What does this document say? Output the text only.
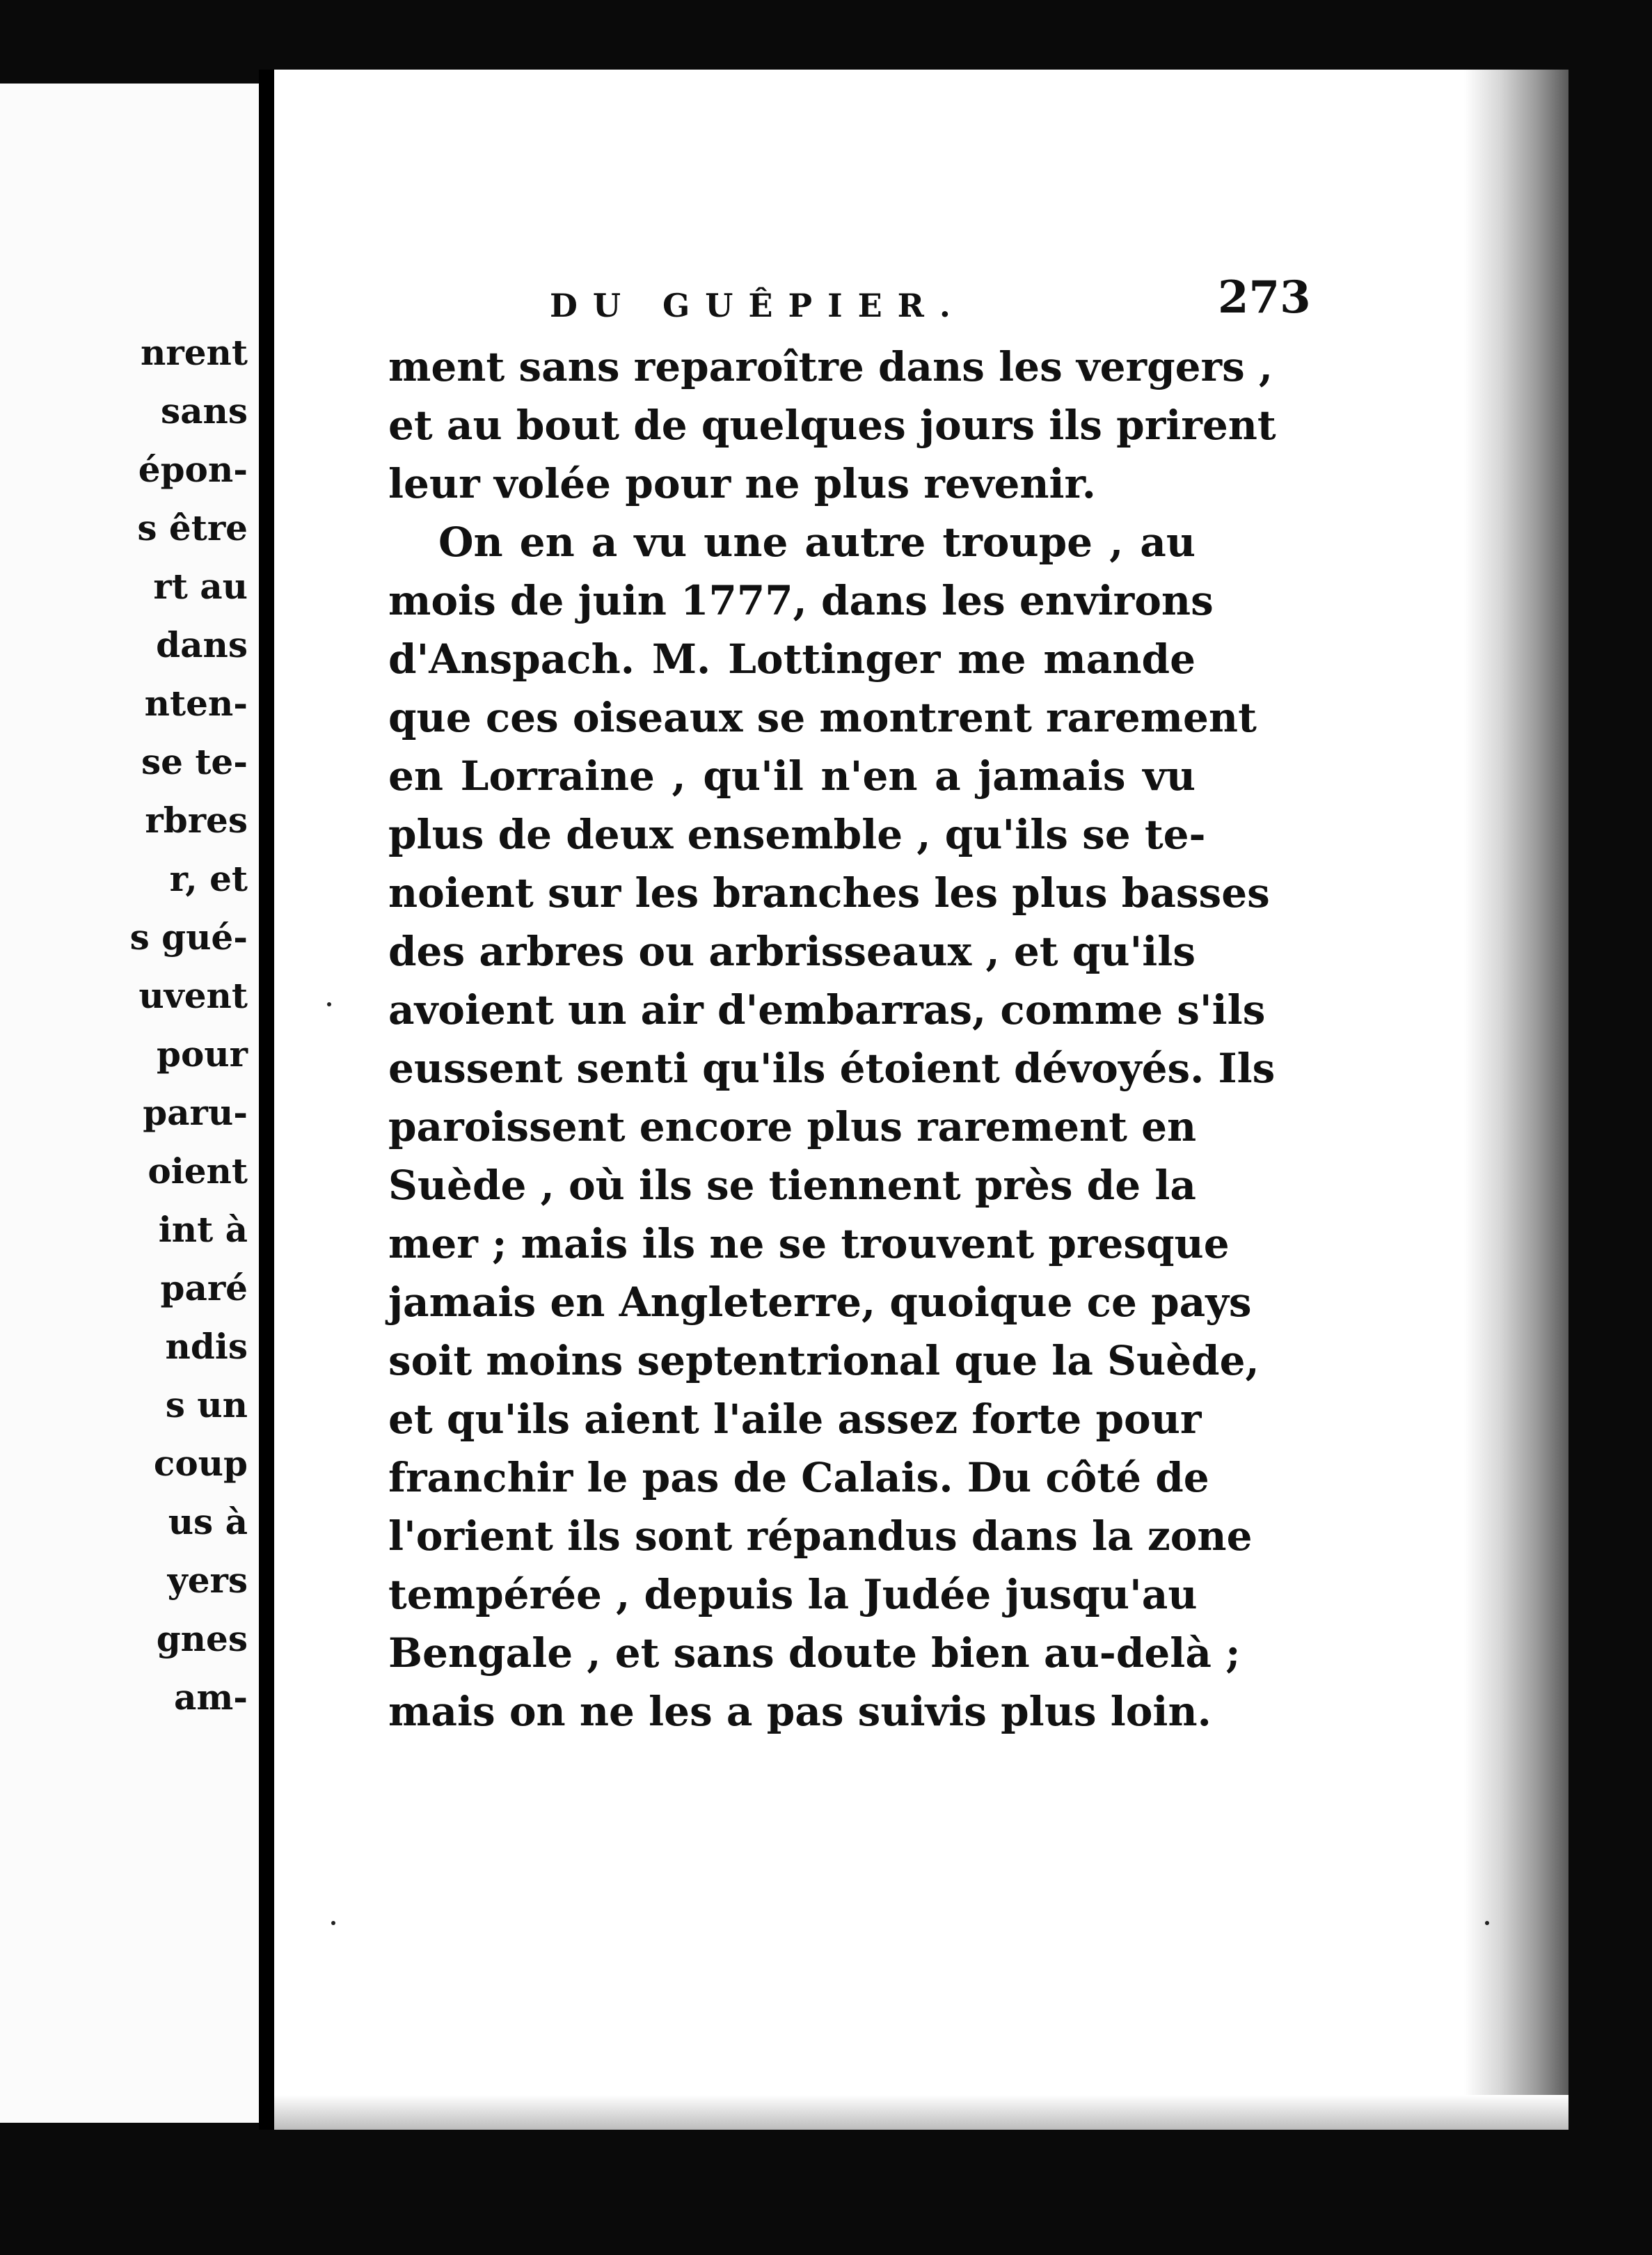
nrent
sans
épon-
s être
rt au
dans
nten-
se te-
rbres
r, et
s gué-
uvent
pour
paru-
oient
int à
paré
ndis
s un
coup
us à
yers
gnes
am-
DU GUÊPIER.	273
ment sans reparoître dans les vergers ,
et au bout de quelques jours ils prirent
leur volée pour ne plus revenir.
On en a vu une autre troupe , au
mois de juin 1777, dans les environs
d'Anspach. M. Lottinger me mande
que ces oiseaux se montrent rarement
en Lorraine , qu'il n'en a jamais vu
plus de deux ensemble , qu'ils se te-
noient sur les branches les plus basses
des arbres ou arbrisseaux , et qu'ils
avoient un air d'embarras, comme s'ils
eussent senti qu'ils étoient dévoyés. Ils
paroissent encore plus rarement en
Suède , où ils se tiennent près de la
mer ; mais ils ne se trouvent presque
jamais en Angleterre, quoique ce pays
soit moins septentrional que la Suède,
et qu'ils aient l'aile assez forte pour
franchir le pas de Calais. Du côté de
l'orient ils sont répandus dans la zone
tempérée , depuis la Judée jusqu'au
Bengale , et sans doute bien au-delà ;
mais on ne les a pas suivis plus loin.
